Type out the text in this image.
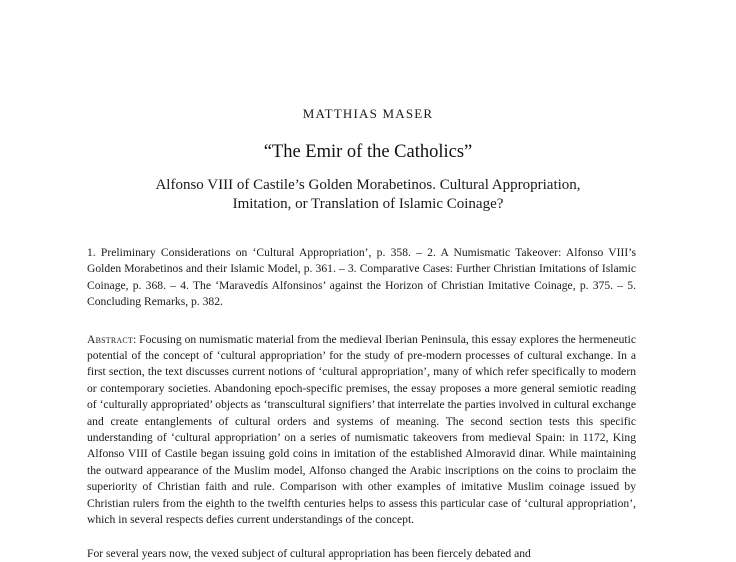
MATTHIAS MASER
“The Emir of the Catholics”
Alfonso VIII of Castile’s Golden Morabetinos. Cultural Appropriation,
Imitation, or Translation of Islamic Coinage?

1. Preliminary Considerations on ‘Cultural Appropriation’, p. 358. – 2. A Numismatic Takeover: Alfonso VIII’s Golden Morabetinos and their Islamic Model, p. 361. – 3. Comparative Cases: Further Christian Imitations of Islamic Coinage, p. 368. – 4. The ‘Maravedís Alfonsinos’ against the Horizon of Christian Imitative Coinage, p. 375. – 5. Concluding Remarks, p. 382.

Abstract: Focusing on numismatic material from the medieval Iberian Peninsula, this essay explores the hermeneutic potential of the concept of ‘cultural appropriation’ for the study of pre-modern processes of cultural exchange. In a first section, the text discusses current notions of ‘cultural appropriation’, many of which refer specifically to modern or contemporary societies. Abandoning epoch-specific premises, the essay proposes a more general semiotic reading of ‘culturally appropriated’ objects as ‘transcultural signifiers’ that interrelate the parties involved in cultural exchange and create entanglements of cultural orders and systems of meaning. The second section tests this specific understanding of ‘cultural appropriation’ on a series of numismatic takeovers from medieval Spain: in 1172, King Alfonso VIII of Castile began issuing gold coins in imitation of the established Almoravid dinar. While maintaining the outward appearance of the Muslim model, Alfonso changed the Arabic inscriptions on the coins to proclaim the superiority of Christian faith and rule. Comparison with other examples of imitative Muslim coinage issued by Christian rulers from the eighth to the twelfth centuries helps to assess this particular case of ‘cultural appropriation’, which in several respects defies current understandings of the concept.

For several years now, the vexed subject of cultural appropriation has been fiercely debated and
